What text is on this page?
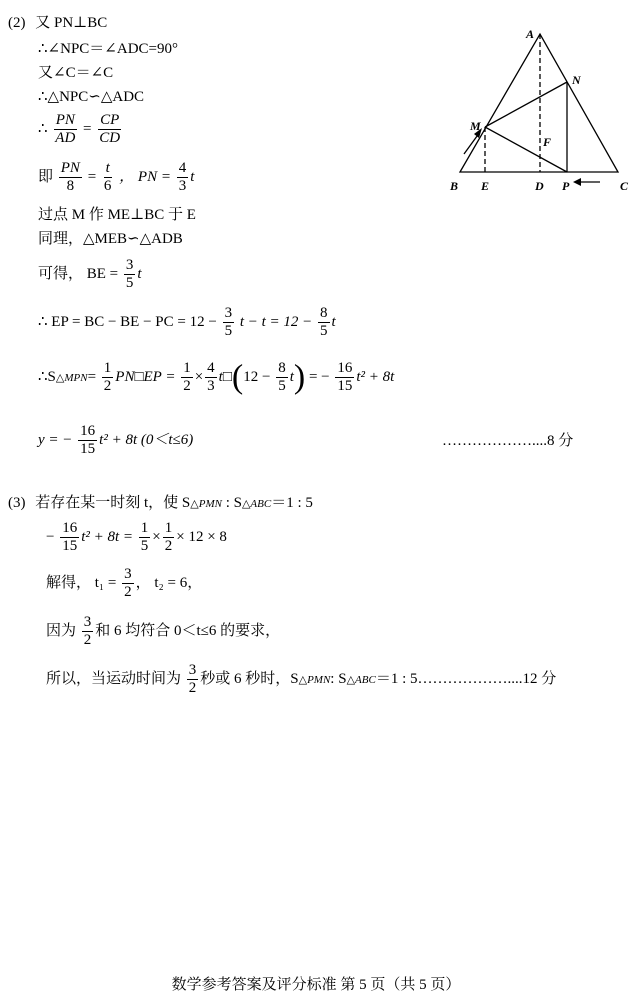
(2) 又 PN⊥BC
∴∠NPC＝∠ADC=90°
又∠C＝∠C
∴△NPC∽△ADC
∴ $\frac{PN}{AD} = \frac{CP}{CD}$
即 $\frac{PN}{8} = \frac{t}{6}$ ， PN = $\frac{4}{3}$ t
过点 M 作 ME⊥BC 于 E
同理，△MEB∽△ADB
可得， BE = $\frac{3}{5}$ t
∴ EP = BC − BE − PC = $12 - \frac{3}{5}$ $t - t = 12 - \frac{8}{5}$ t
∴S△MPN= $\frac{1}{2}$ PN□EP = $\frac{1}{2} \times \frac{4}{3}$ t□(12 − $\frac{8}{5} t$) = − $\frac{16}{15} t^2 + 8t$
y = − $\frac{16}{15} t^2 + 8t$ (0＜t≤6)	………………....8 分
(3) 若存在某一时刻 t，使 S△PMN : S△ABC＝1 : 5
− $\frac{16}{15} t^2 + 8t = \frac{1}{5} \times \frac{1}{2} \times 12 \times 8$
解得， $t_1 = \frac{3}{2}$ ， t₂ = 6，
因为 $\frac{3}{2}$ 和 6 均符合 0＜t≤6 的要求，
所以，当运动时间为 $\frac{3}{2}$ 秒或 6 秒时，S△PMN: S△ABC＝1 : 5………………....12 分
A
N
M
F
B E	D P	C
数学参考答案及评分标准 第 5 页（共 5 页）
